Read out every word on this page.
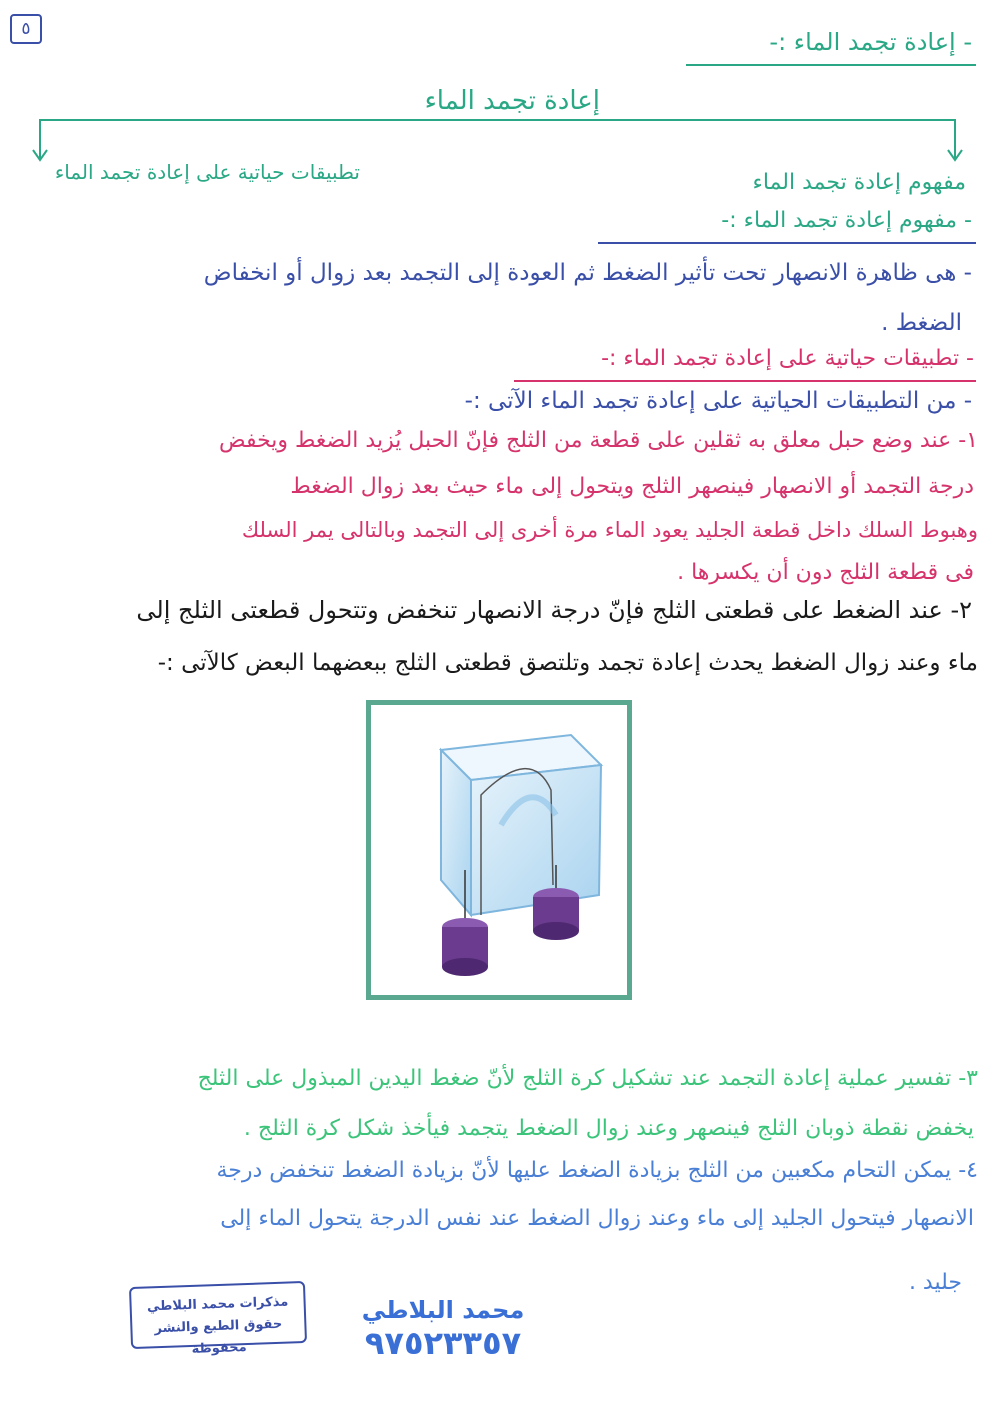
٥	- إعادة تجمد الماء :-
إعادة تجمد الماء
مفهوم إعادة تجمد الماء
تطبيقات حياتية على إعادة تجمد الماء
- مفهوم إعادة تجمد الماء :-
- هى ظاهرة الانصهار تحت تأثير الضغط ثم العودة إلى التجمد بعد زوال أو انخفاض
الضغط .
- تطبيقات حياتية على إعادة تجمد الماء :-
- من التطبيقات الحياتية على إعادة تجمد الماء الآتى :-
١- عند وضع حبل معلق به ثقلين على قطعة من الثلج فإنّ الحبل يُزيد الضغط ويخفض
درجة التجمد أو الانصهار فينصهر الثلج ويتحول إلى ماء حيث بعد زوال الضغط
وهبوط السلك داخل قطعة الجليد يعود الماء مرة أخرى إلى التجمد وبالتالى يمر السلك
فى قطعة الثلج دون أن يكسرها .
٢- عند الضغط على قطعتى الثلج فإنّ درجة الانصهار تنخفض وتتحول قطعتى الثلج إلى
ماء وعند زوال الضغط يحدث إعادة تجمد وتلتصق قطعتى الثلج ببعضهما البعض كالآتى :-
٣- تفسير عملية إعادة التجمد عند تشكيل كرة الثلج لأنّ ضغط اليدين المبذول على الثلج
يخفض نقطة ذوبان الثلج فينصهر وعند زوال الضغط يتجمد فيأخذ شكل كرة الثلج .
٤- يمكن التحام مكعبين من الثلج بزيادة الضغط عليها لأنّ بزيادة الضغط تنخفض درجة
الانصهار فيتحول الجليد إلى ماء وعند زوال الضغط عند نفس الدرجة يتحول الماء إلى
جليد .
مذكرات محمد البلاطي
حقوق الطبع والنشر محفوظة
محمد البلاطي
٩٧٥٢٣٣٥٧
